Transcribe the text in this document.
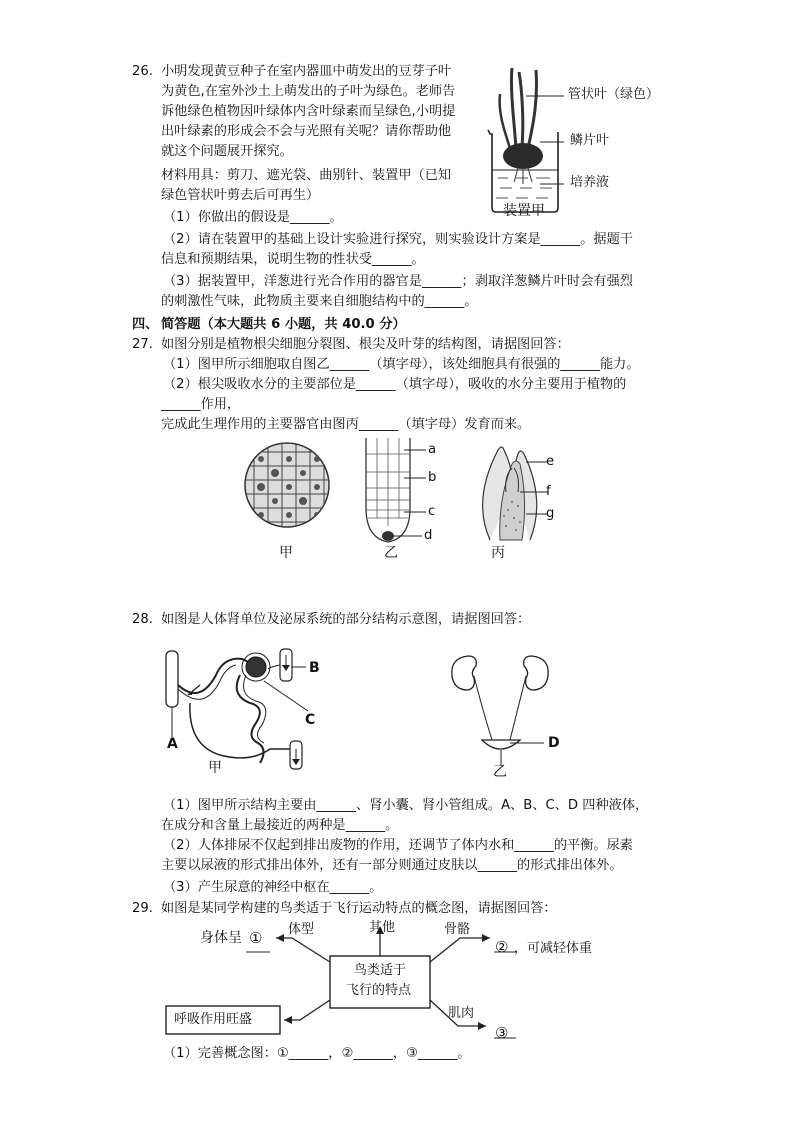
26. 小明发现黄豆种子在室内器皿中萌发出的豆芽子叶
为黄色,在室外沙土上萌发出的子叶为绿色。老师告
诉他绿色植物因叶绿体内含叶绿素而呈绿色,小明提
出叶绿素的形成会不会与光照有关呢？请你帮助他
就这个问题展开探究。
材料用具：剪刀、遮光袋、曲别针、装置甲（已知
绿色管状叶剪去后可再生）
管状叶（绿色）
鳞片叶
培养液
装置甲
（1）你做出的假设是______。
（2）请在装置甲的基础上设计实验进行探究，则实验设计方案是______。据题干
信息和预期结果，说明生物的性状受______。
（3）据装置甲，洋葱进行光合作用的器官是______；剥取洋葱鳞片叶时会有强烈
的刺激性气味，此物质主要来自细胞结构中的______。
四、 简答题（本大题共 6 小题，共 40.0 分）
27. 如图分别是植物根尖细胞分裂图、根尖及叶芽的结构图，请据图回答：
（1）图甲所示细胞取自图乙______（填字母），该处细胞具有很强的______能力。
（2）根尖吸收水分的主要部位是______（填字母），吸收的水分主要用于植物的
______作用，
完成此生理作用的主要器官由图丙______（填字母）发育而来。
a
b
c
d
e
f
g
甲	乙	丙
28. 如图是人体肾单位及泌尿系统的部分结构示意图，请据图回答：
B
C
A
甲
D
乙
（1）图甲所示结构主要由______、肾小囊、肾小管组成。A、B、C、D 四种液体，
在成分和含量上最接近的两种是______。
（2）人体排尿不仅起到排出废物的作用，还调节了体内水和______的平衡。尿素
主要以尿液的形式排出体外，还有一部分则通过皮肤以______的形式排出体外。
（3）产生尿意的神经中枢在______。
29. 如图是某同学构建的鸟类适于飞行运动特点的概念图，请据图回答：
身体呈 ① 体型	其他	骨骼
② ，可减轻体重
鸟类适于
飞行的特点
肌肉
③
呼吸作用旺盛
（1）完善概念图：①______，②______，③______。
